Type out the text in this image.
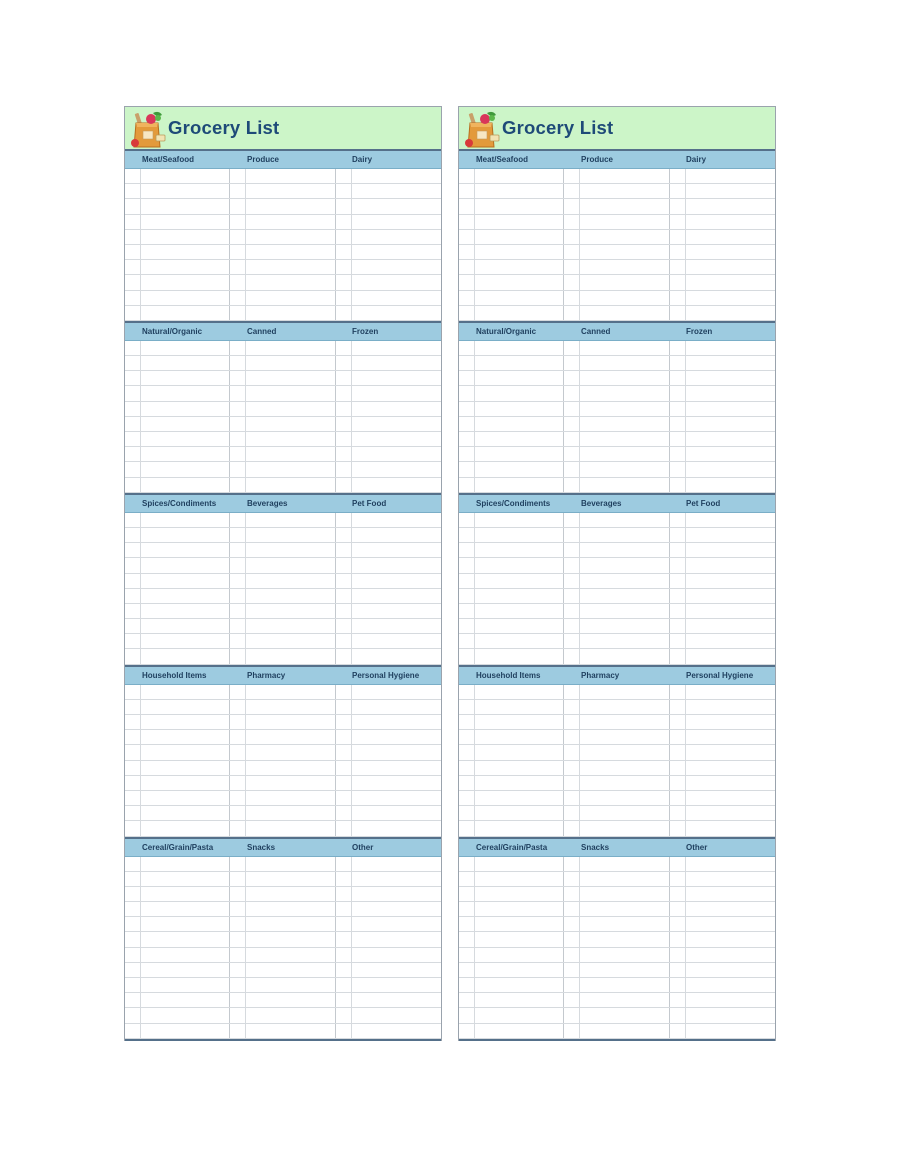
Grocery List
Meat/Seafood	Produce	Dairy
Natural/Organic	Canned	Frozen
Spices/Condiments	Beverages	Pet Food
Household Items	Pharmacy	Personal Hygiene
Cereal/Grain/Pasta	Snacks	Other
Grocery List
Meat/Seafood	Produce	Dairy
Natural/Organic	Canned	Frozen
Spices/Condiments	Beverages	Pet Food
Household Items	Pharmacy	Personal Hygiene
Cereal/Grain/Pasta	Snacks	Other
